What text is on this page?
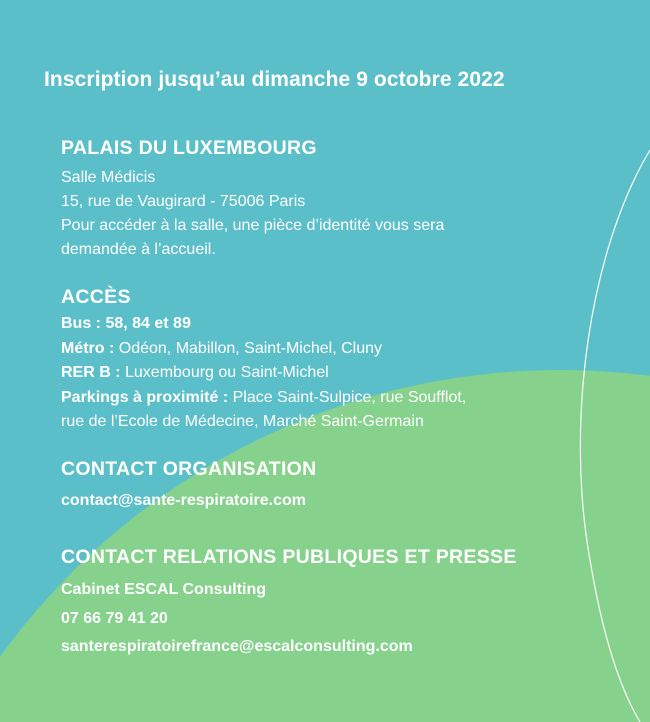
Inscription jusqu’au dimanche 9 octobre 2022
PALAIS DU LUXEMBOURG
Salle Médicis
15, rue de Vaugirard - 75006 Paris
Pour accéder à la salle, une pièce d’identité vous sera
demandée à l’accueil.
ACCÈS
Bus : 58, 84 et 89
Métro : Odéon, Mabillon, Saint-Michel, Cluny
RER B : Luxembourg ou Saint-Michel
Parkings à proximité : Place Saint-Sulpice, rue Soufflot,
rue de l’Ecole de Médecine, Marché Saint-Germain
CONTACT ORGANISATION
contact@sante-respiratoire.com
CONTACT RELATIONS PUBLIQUES ET PRESSE
Cabinet ESCAL Consulting
07 66 79 41 20
santerespiratoirefrance@escalconsulting.com
